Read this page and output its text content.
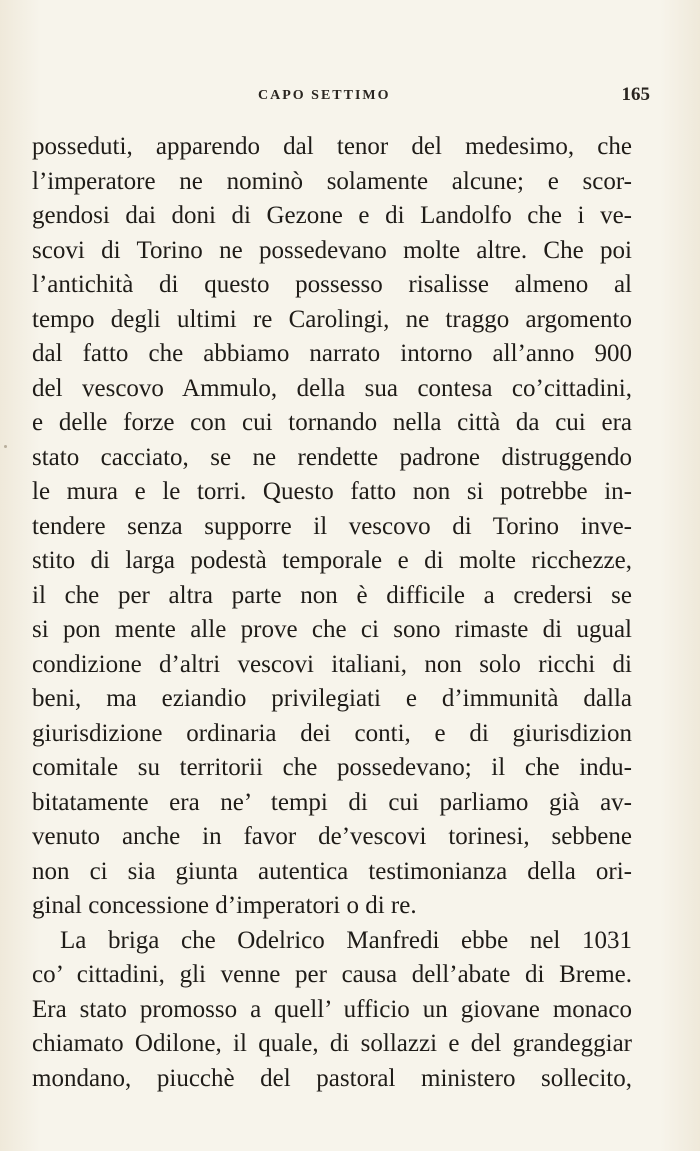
CAPO SETTIMO	165
posseduti, apparendo dal tenor del medesimo, che
l’imperatore ne nominò solamente alcune; e scor-
gendosi dai doni di Gezone e di Landolfo che i ve-
scovi di Torino ne possedevano molte altre. Che poi
l’antichità di questo possesso risalisse almeno al
tempo degli ultimi re Carolingi, ne traggo argomento
dal fatto che abbiamo narrato intorno all’anno 900
del vescovo Ammulo, della sua contesa co’cittadini,
e delle forze con cui tornando nella città da cui era
stato cacciato, se ne rendette padrone distruggendo
le mura e le torri. Questo fatto non si potrebbe in-
tendere senza supporre il vescovo di Torino inve-
stito di larga podestà temporale e di molte ricchezze,
il che per altra parte non è difficile a credersi se
si pon mente alle prove che ci sono rimaste di ugual
condizione d’altri vescovi italiani, non solo ricchi di
beni, ma eziandio privilegiati e d’immunità dalla
giurisdizione ordinaria dei conti, e di giurisdizion
comitale su territorii che possedevano; il che indu-
bitatamente era ne’ tempi di cui parliamo già av-
venuto anche in favor de’vescovi torinesi, sebbene
non ci sia giunta autentica testimonianza della ori-
ginal concessione d’imperatori o di re.
La briga che Odelrico Manfredi ebbe nel 1031
co’ cittadini, gli venne per causa dell’abate di Breme.
Era stato promosso a quell’ ufficio un giovane monaco
chiamato Odilone, il quale, di sollazzi e del grandeggiar
mondano, piucchè del pastoral ministero sollecito,
